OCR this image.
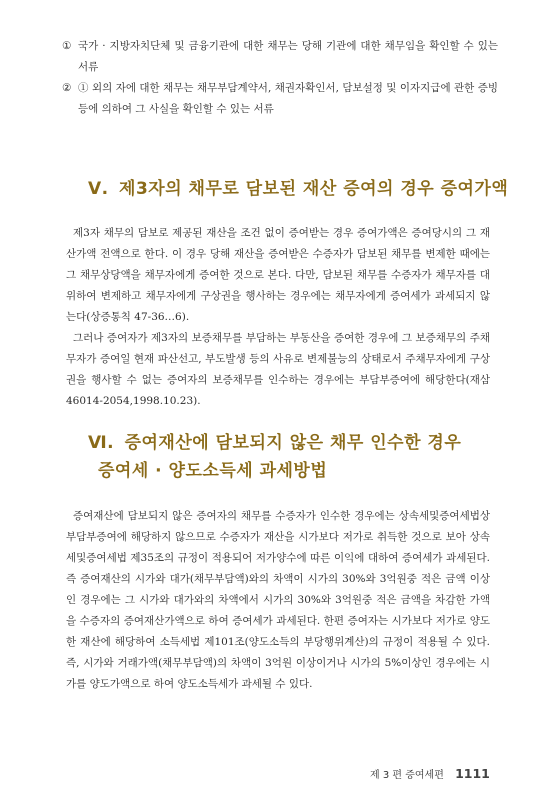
① 국가 · 지방자치단체 및 금융기관에 대한 채무는 당해 기관에 대한 채무임을 확인할 수 있는 서류
② ① 외의 자에 대한 채무는 채무부담계약서, 채권자확인서, 담보설정 및 이자지급에 관한 증빙 등에 의하여 그 사실을 확인할 수 있는 서류
Ⅴ. 제3자의 채무로 담보된 재산 증여의 경우 증여가액

제3자 채무의 담보로 제공된 재산을 조건 없이 증여받는 경우 증여가액은 증여당시의 그 재산가액 전액으로 한다. 이 경우 당해 재산을 증여받은 수증자가 담보된 채무를 변제한 때에는 그 채무상당액을 채무자에게 증여한 것으로 본다. 다만, 담보된 채무를 수증자가 채무자를 대위하여 변제하고 채무자에게 구상권을 행사하는 경우에는 채무자에게 증여세가 과세되지 않는다(상증통칙 47-36…6).

그러나 증여자가 제3자의 보증채무를 부담하는 부동산을 증여한 경우에 그 보증채무의 주채무자가 증여일 현재 파산선고, 부도발생 등의 사유로 변제불능의 상태로서 주채무자에게 구상권을 행사할 수 없는 증여자의 보증채무를 인수하는 경우에는 부담부증여에 해당한다(재삼46014-2054,1998.10.23).

Ⅵ. 증여재산에 담보되지 않은 채무 인수한 경우
증여세 · 양도소득세 과세방법

증여재산에 담보되지 않은 증여자의 채무를 수증자가 인수한 경우에는 상속세및증여세법상 부담부증여에 해당하지 않으므로 수증자가 재산을 시가보다 저가로 취득한 것으로 보아 상속세및증여세법 제35조의 규정이 적용되어 저가양수에 따른 이익에 대하여 증여세가 과세된다. 즉 증여재산의 시가와 대가(채무부담액)와의 차액이 시가의 30%와 3억원중 적은 금액 이상인 경우에는 그 시가와 대가와의 차액에서 시가의 30%와 3억원중 적은 금액을 차감한 가액을 수증자의 증여재산가액으로 하여 증여세가 과세된다. 한편 증여자는 시가보다 저가로 양도한 재산에 해당하여 소득세법 제101조(양도소득의 부당행위계산)의 규정이 적용될 수 있다. 즉, 시가와 거래가액(채무부담액)의 차액이 3억원 이상이거나 시가의 5%이상인 경우에는 시가를 양도가액으로 하여 양도소득세가 과세될 수 있다.

제 3 편 증여세편 1111
